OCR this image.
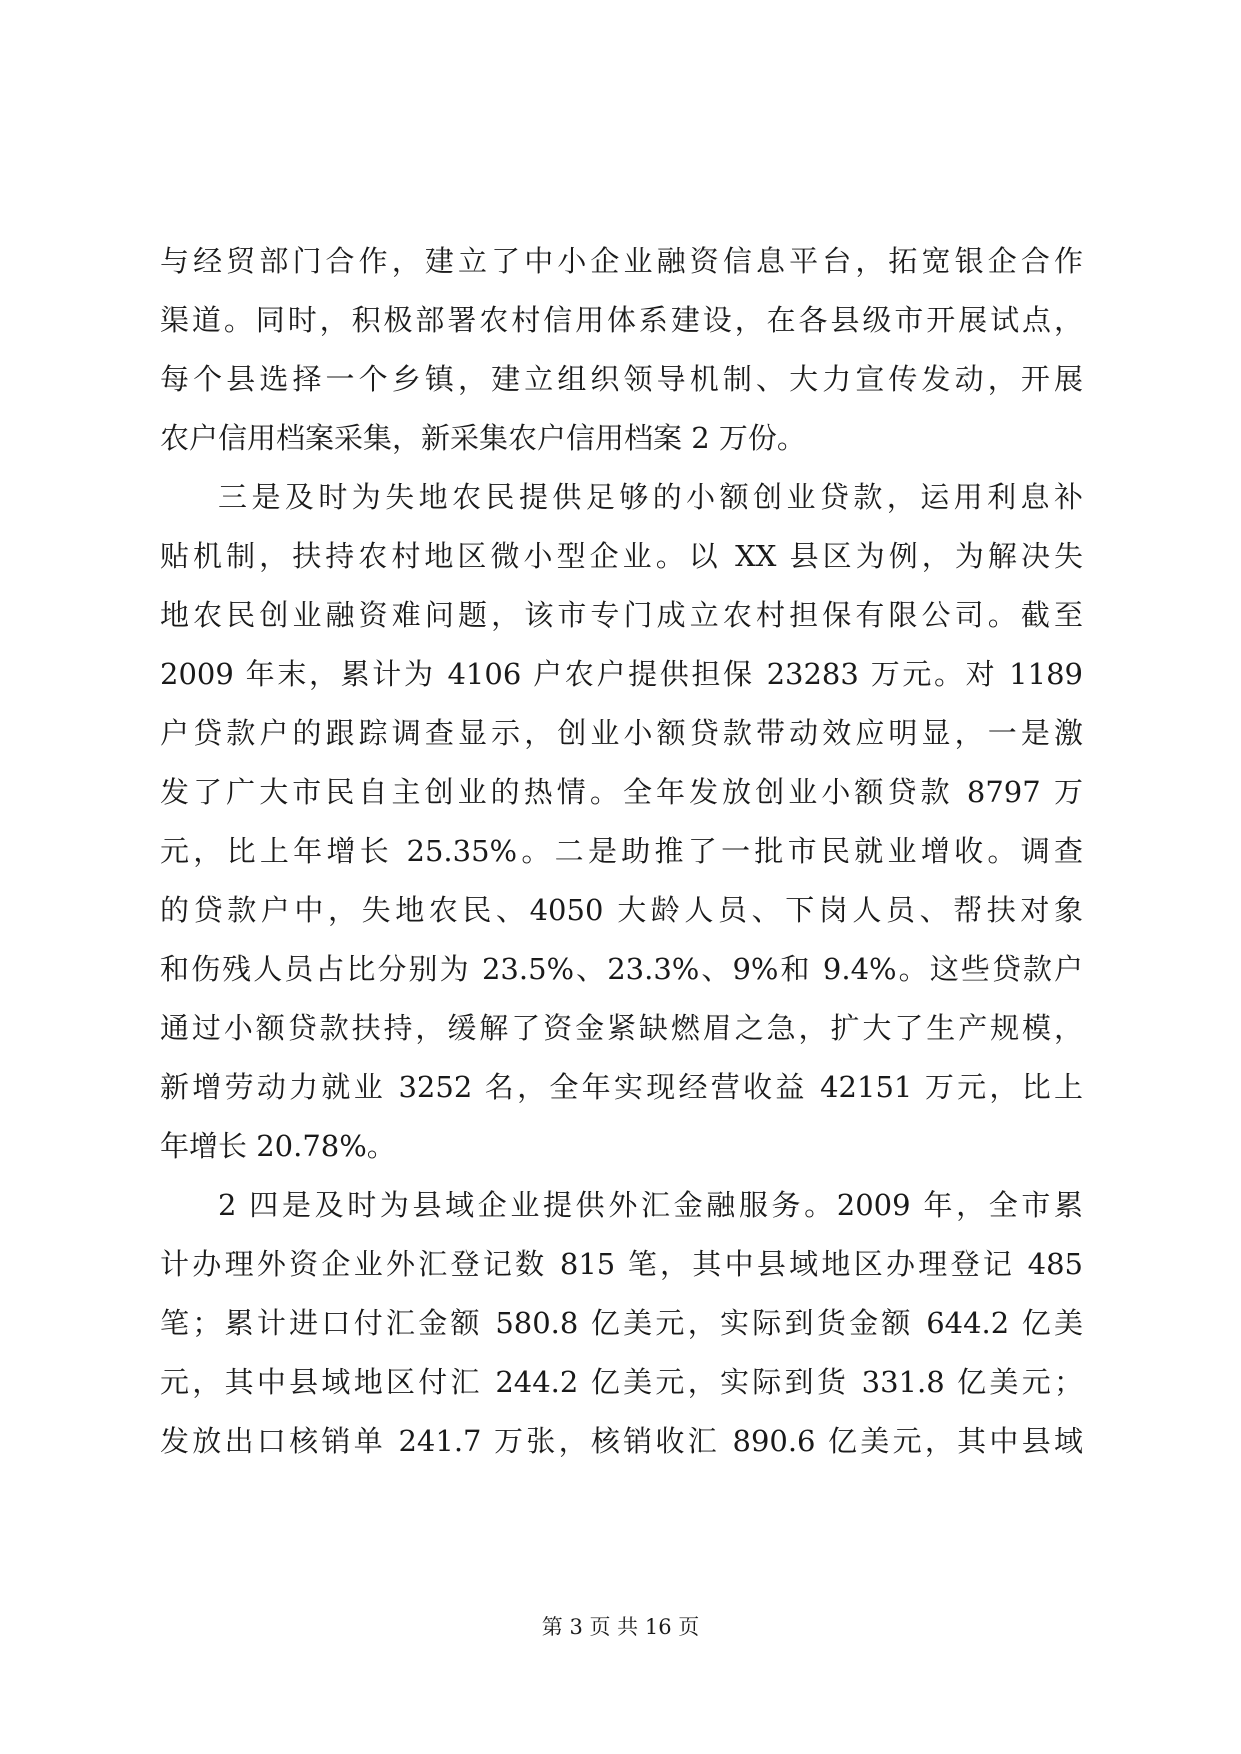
与经贸部门合作，建立了中小企业融资信息平台，拓宽银企合作
渠道。同时，积极部署农村信用体系建设，在各县级市开展试点，
每个县选择一个乡镇，建立组织领导机制、大力宣传发动，开展
农户信用档案采集，新采集农户信用档案 2 万份。
三是及时为失地农民提供足够的小额创业贷款，运用利息补
贴机制，扶持农村地区微小型企业。以 XX 县区为例，为解决失
地农民创业融资难问题，该市专门成立农村担保有限公司。截至
2009 年末，累计为 4106 户农户提供担保 23283 万元。对 1189
户贷款户的跟踪调查显示，创业小额贷款带动效应明显，一是激
发了广大市民自主创业的热情。全年发放创业小额贷款 8797 万
元，比上年增长 25.35%。二是助推了一批市民就业增收。调查
的贷款户中，失地农民、4050 大龄人员、下岗人员、帮扶对象
和伤残人员占比分别为 23.5%、23.3%、9%和 9.4%。这些贷款户
通过小额贷款扶持，缓解了资金紧缺燃眉之急，扩大了生产规模，
新增劳动力就业 3252 名，全年实现经营收益 42151 万元，比上
年增长 20.78%。
2 四是及时为县域企业提供外汇金融服务。2009 年，全市累
计办理外资企业外汇登记数 815 笔，其中县域地区办理登记 485
笔；累计进口付汇金额 580.8 亿美元，实际到货金额 644.2 亿美
元，其中县域地区付汇 244.2 亿美元，实际到货 331.8 亿美元；
发放出口核销单 241.7 万张，核销收汇 890.6 亿美元，其中县域
第 3 页 共 16 页
